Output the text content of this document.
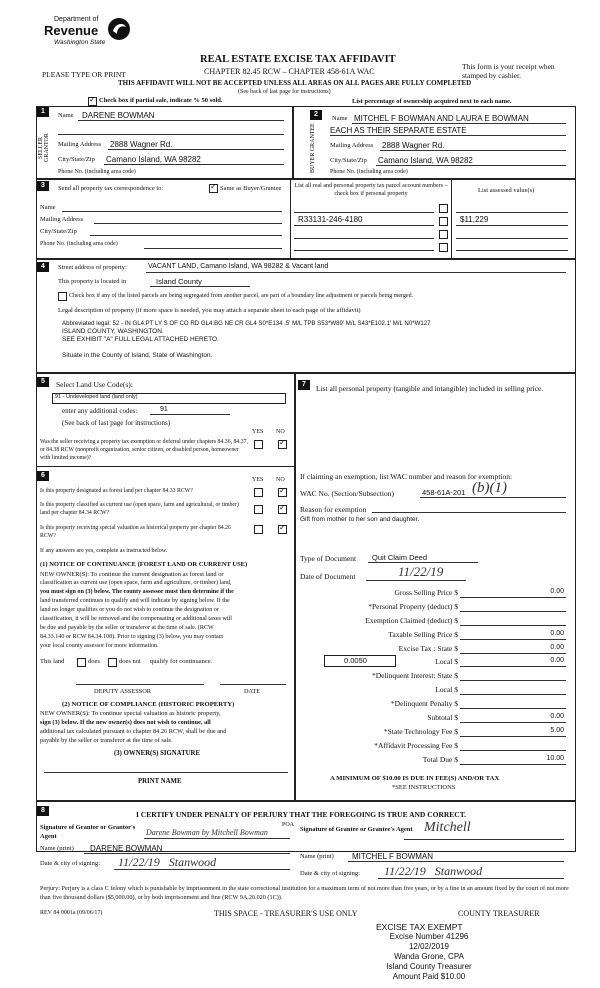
Department of
Revenue
Washington State
PLEASE TYPE OR PRINT
REAL ESTATE EXCISE TAX AFFIDAVIT
CHAPTER 82.45 RCW – CHAPTER 458-61A WAC
This form is your receipt when stamped by cashier.
THIS AFFIDAVIT WILL NOT BE ACCEPTED UNLESS ALL AREAS ON ALL PAGES ARE FULLY COMPLETED
(See back of last page for instructions)
✓
Check box if partial sale, indicate % 50 sold.	List percentage of ownership acquired next to each name.
1	2
SELLER GRANTOR	BUYER GRANTEE
Name DARENE BOWMAN
Mailing Address 2888 Wagner Rd.
City/State/Zip Camano Island, WA 98282
Phone No. (including area code)
Name MITCHEL F BOWMAN AND LAURA E BOWMAN
EACH AS THEIR SEPARATE ESTATE
Mailing Address 2888 Wagner Rd.
City/State/Zip Camano Island, WA 98282
Phone No. (including area code)
3	Send all property tax correspondence to:
✓	Same as Buyer/Grantee
Name
Mailing Address
City/State/Zip
Phone No. (including area code)
List all real and personal property tax parcel account numbers – check box if personal property	List assessed value(s)
R33131-246-4180	$11,229
4	Street address of property:	VACANT LAND, Camano Island, WA 98282 & Vacant land
This property is located in	Island County
Check box if any of the listed parcels are being segregated from another parcel, are part of a boundary line adjustment or parcels being merged.
Legal description of property (if more space is needed, you may attach a separate sheet to each page of the affidavit)
Abbreviated legal: 52 - IN GL4:PT LY S OF CO RD GL4:BG NE CR GL4 S0*E134 .5' M/L TPB S53*W89' M/L S43*E102.1' M/L N0*W127
ISLAND COUNTY, WASHINGTON.
SEE EXHIBIT "A" FULL LEGAL ATTACHED HERETO.
Situate in the County of Island, State of Washington.
5	Select Land Use Code(s):
91 - Undeveloped land (land only)
enter any additional codes:	91
(See back of last page for instructions)
YES NO
Was the seller receiving a property tax exemption or deferral under chapters 84.36, 84.37, or 84.38 RCW (nonprofit organization, senior citizen, or disabled person, homeowner with limited income)?
✓
6
YES NO
Is this property designated as forest land per chapter 84.33 RCW?
✓
Is this property classified as current use (open space, farm and agricultural, or timber) land per chapter 84.34 RCW?
✓
Is this property receiving special valuation as historical property per chapter 84.26 RCW?
✓
If any answers are yes, complete as instructed below.
(1) NOTICE OF CONTINUANCE (FOREST LAND OR CURRENT USE)
NEW OWNER(S): To continue the current designation as forest land or
classification as current use (open space, farm and agriculture, or timber) land,
you must sign on (3) below. The county assessor must then determine if the
land transferred continues to qualify and will indicate by signing below. If the
land no longer qualifies or you do not wish to continue the designation or
classification, it will be removed and the compensating or additional taxes will
be due and payable by the seller or transferor at the time of sale. (RCW
84.33.140 or RCW 84.34.108). Prior to signing (3) below, you may contact
your local county assessor for more information.
This land	does	does not qualify for continuance.
DEPUTY ASSESSOR	DATE
(2) NOTICE OF COMPLIANCE (HISTORIC PROPERTY)
NEW OWNER(S): To continue special valuation as historic property,
sign (3) below. If the new owner(s) does not wish to continue, all
additional tax calculated pursuant to chapter 84.26 RCW, shall be due and
payable by the seller or transferor at the time of sale.
(3) OWNER(S) SIGNATURE
PRINT NAME
7	List all personal property (tangible and intangible) included in selling price.
If claiming an exemption, list WAC number and reason for exemption:
WAC No. (Section/Subsection)	458-61A-201 (b)(1)
Reason for exemption
Gift from mother to her son and daughter.
Type of Document Quit Claim Deed
Date of Document	11/22/19
Gross Selling Price $	0.00
*Personal Property (deduct) $
Exemption Claimed (deduct) $
Taxable Selling Price $	0.00
Excise Tax : State $	0.00
0.0050	Local $	0.00
*Delinquent Interest: State $
Local $
*Delinquent Penalty $
Subtotal $	0.00
*State Technology Fee $	5.00
*Affidavit Processing Fee $
Total Due $	10.00
A MINIMUM OF $10.00 IS DUE IN FEE(S) AND/OR TAX
*SEE INSTRUCTIONS
8	I CERTIFY UNDER PENALTY OF PERJURY THAT THE FOREGOING IS TRUE AND CORRECT.
Signature of Grantor or Grantor's Agent	Darene Bowman by Mitchell Bowman
POA
Name (print) DARENE BOWMAN
Date & city of signing: 11/22/19   Stanwood
Signature of Grantee or Grantee's Agent Mitchell
Name (print) MITCHEL F BOWMAN
Date & city of signing: 11/22/19   Stanwood
Perjury: Perjury is a class C felony which is punishable by imprisonment in the state correctional institution for a maximum term of not more than five years, or by a fine in an amount fixed by the court of not more than five thousand dollars ($5,000.00), or by both imprisonment and fine (RCW 9A.20.020 (1C)).
REV 84 0001a (09/06/17)	THIS SPACE - TREASURER'S USE ONLY	COUNTY TREASURER
EXCISE TAX EXEMPT
Excise Number 41296
12/02/2019
Wanda Grone, CPA
Island County Treasurer
Amount Paid $10.00
